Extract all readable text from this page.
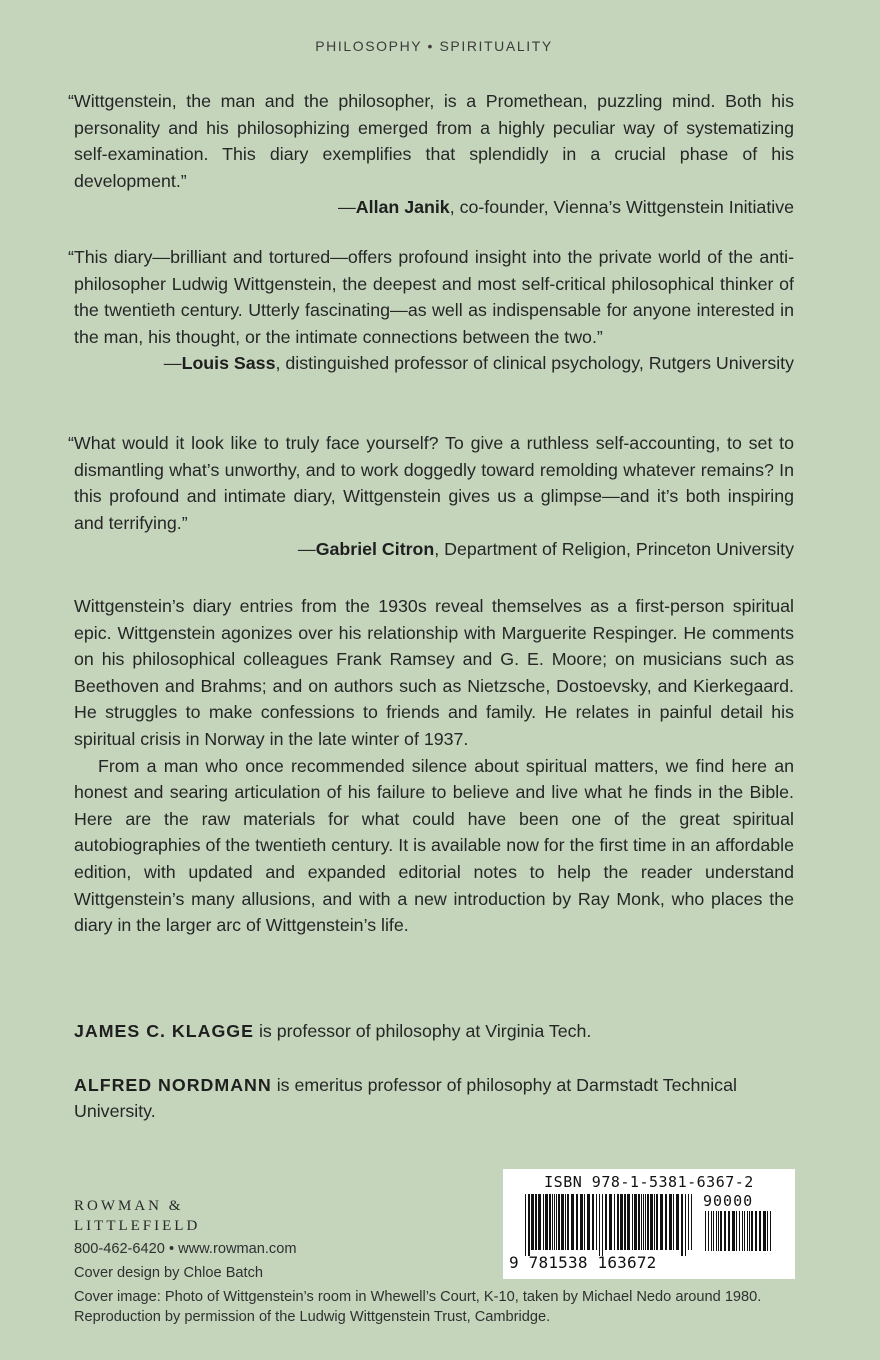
PHILOSOPHY • SPIRITUALITY

“Wittgenstein, the man and the philosopher, is a Promethean, puzzling mind. Both his personality and his philosophizing emerged from a highly peculiar way of systematizing self-examination. This diary exemplifies that splendidly in a crucial phase of his development.”

—Allan Janik, co-founder, Vienna’s Wittgenstein Initiative

“This diary—brilliant and tortured—offers profound insight into the private world of the anti-philosopher Ludwig Wittgenstein, the deepest and most self-critical philosophical thinker of the twentieth century. Utterly fascinating—as well as indispensable for anyone interested in the man, his thought, or the intimate connections between the two.”

—Louis Sass, distinguished professor of clinical psychology, Rutgers University

“What would it look like to truly face yourself? To give a ruthless self-accounting, to set to dismantling what’s unworthy, and to work doggedly toward remolding whatever remains? In this profound and intimate diary, Wittgenstein gives us a glimpse—and it’s both inspiring and terrifying.”

—Gabriel Citron, Department of Religion, Princeton University

Wittgenstein’s diary entries from the 1930s reveal themselves as a first-person spiritual epic. Wittgenstein agonizes over his relationship with Marguerite Respinger. He comments on his philosophical colleagues Frank Ramsey and G. E. Moore; on musicians such as Beethoven and Brahms; and on authors such as Nietzsche, Dostoevsky, and Kierkegaard. He struggles to make confessions to friends and family. He relates in painful detail his spiritual crisis in Norway in the late winter of 1937.

From a man who once recommended silence about spiritual matters, we find here an honest and searing articulation of his failure to believe and live what he finds in the Bible. Here are the raw materials for what could have been one of the great spiritual autobiographies of the twentieth century. It is available now for the first time in an affordable edition, with updated and expanded editorial notes to help the reader understand Wittgenstein’s many allusions, and with a new introduction by Ray Monk, who places the diary in the larger arc of Wittgenstein’s life.

JAMES C. KLAGGE is professor of philosophy at Virginia Tech.
ALFRED NORDMANN is emeritus professor of philosophy at Darmstadt Technical University.
ROWMAN &
LITTLEFIELD
800-462-6420 • www.rowman.com
Cover design by Chloe Batch
Cover image: Photo of Wittgenstein’s room in Whewell’s Court, K-10, taken by Michael Nedo around 1980. Reproduction by permission of the Ludwig Wittgenstein Trust, Cambridge.
ISBN 978-1-5381-6367-2
90000
9 781538 163672
